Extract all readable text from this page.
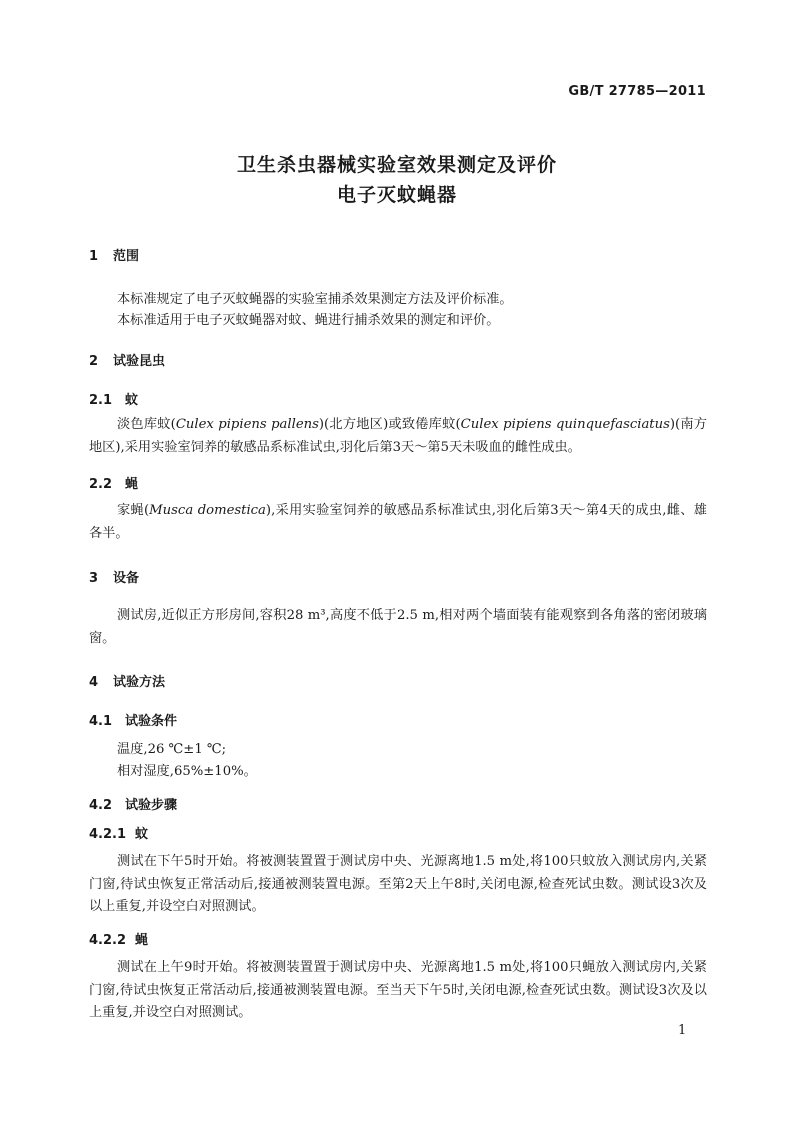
GB/T 27785—2011
卫生杀虫器械实验室效果测定及评价
电子灭蚊蝇器
1 范围
本标准规定了电子灭蚊蝇器的实验室捕杀效果测定方法及评价标准。
本标准适用于电子灭蚊蝇器对蚊、蝇进行捕杀效果的测定和评价。
2 试验昆虫
2.1 蚊
淡色库蚊(Culex pipiens pallens)(北方地区)或致倦库蚊(Culex pipiens quinquefasciatus)(南方地区),采用实验室饲养的敏感品系标准试虫,羽化后第3天～第5天未吸血的雌性成虫。
2.2 蝇
家蝇(Musca domestica),采用实验室饲养的敏感品系标准试虫,羽化后第3天～第4天的成虫,雌、雄各半。
3 设备
测试房,近似正方形房间,容积28 m³,高度不低于2.5 m,相对两个墙面装有能观察到各角落的密闭玻璃窗。
4 试验方法
4.1 试验条件
温度,26 ℃±1 ℃;
相对湿度,65%±10%。
4.2 试验步骤
4.2.1 蚊
测试在下午5时开始。将被测装置置于测试房中央、光源离地1.5 m处,将100只蚊放入测试房内,关紧门窗,待试虫恢复正常活动后,接通被测装置电源。至第2天上午8时,关闭电源,检查死试虫数。测试设3次及以上重复,并设空白对照测试。
4.2.2 蝇
测试在上午9时开始。将被测装置置于测试房中央、光源离地1.5 m处,将100只蝇放入测试房内,关紧门窗,待试虫恢复正常活动后,接通被测装置电源。至当天下午5时,关闭电源,检查死试虫数。测试设3次及以上重复,并设空白对照测试。
1
